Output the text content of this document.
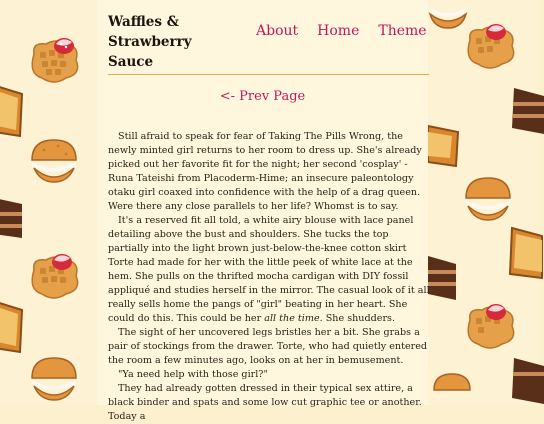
Waffles &
Strawberry Sauce
About Home Theme
<- Prev Page

Still afraid to speak for fear of Taking The Pills Wrong, the newly minted girl returns to her room to dress up. She's already picked out her favorite fit for the night; her second 'cosplay' - Runa Tateishi from Placoderm-Hime; an insecure paleontology otaku girl coaxed into confidence with the help of a drag queen. Were there any close parallels to her life? Whomst is to say.

It's a reserved fit all told, a white airy blouse with lace panel detailing above the bust and shoulders. She tucks the top partially into the light brown just-below-the-knee cotton skirt Torte had made for her with the little peek of white lace at the hem. She pulls on the thrifted mocha cardigan with DIY fossil appliqué and studies herself in the mirror. The casual look of it all really sells home the pangs of "girl" beating in her heart. She could do this. This could be her all the time. She shudders.

The sight of her uncovered legs bristles her a bit. She grabs a pair of stockings from the drawer. Torte, who had quietly entered the room a few minutes ago, looks on at her in bemusement.

"Ya need help with those girl?"

They had already gotten dressed in their typical sex attire, a black binder and spats and some low cut graphic tee or another. Today a
